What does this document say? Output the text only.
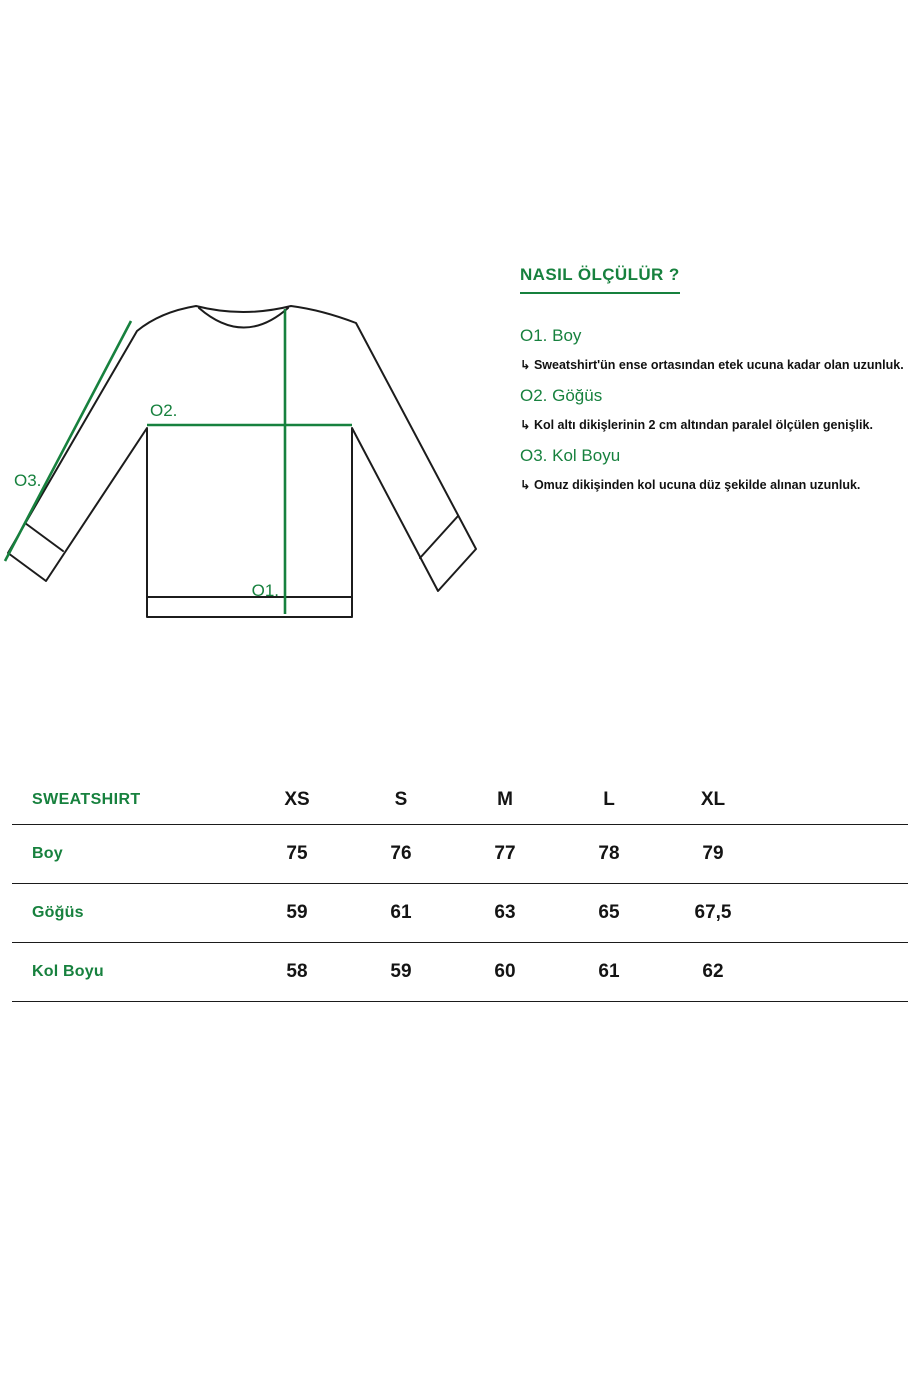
O2.
O3.
O1.
NASIL ÖLÇÜLÜR ?
O1. Boy
↳ Sweatshirt'ün ense ortasından etek ucuna kadar olan uzunluk.
O2. Göğüs
↳ Kol altı dikişlerinin 2 cm altından paralel ölçülen genişlik.
O3. Kol Boyu
↳ Omuz dikişinden kol ucuna düz şekilde alınan uzunluk.
SWEATSHIRT	XS	S	M	L	XL
Boy	75	76	77	78	79
Göğüs	59	61	63	65	67,5
Kol Boyu	58	59	60	61	62
